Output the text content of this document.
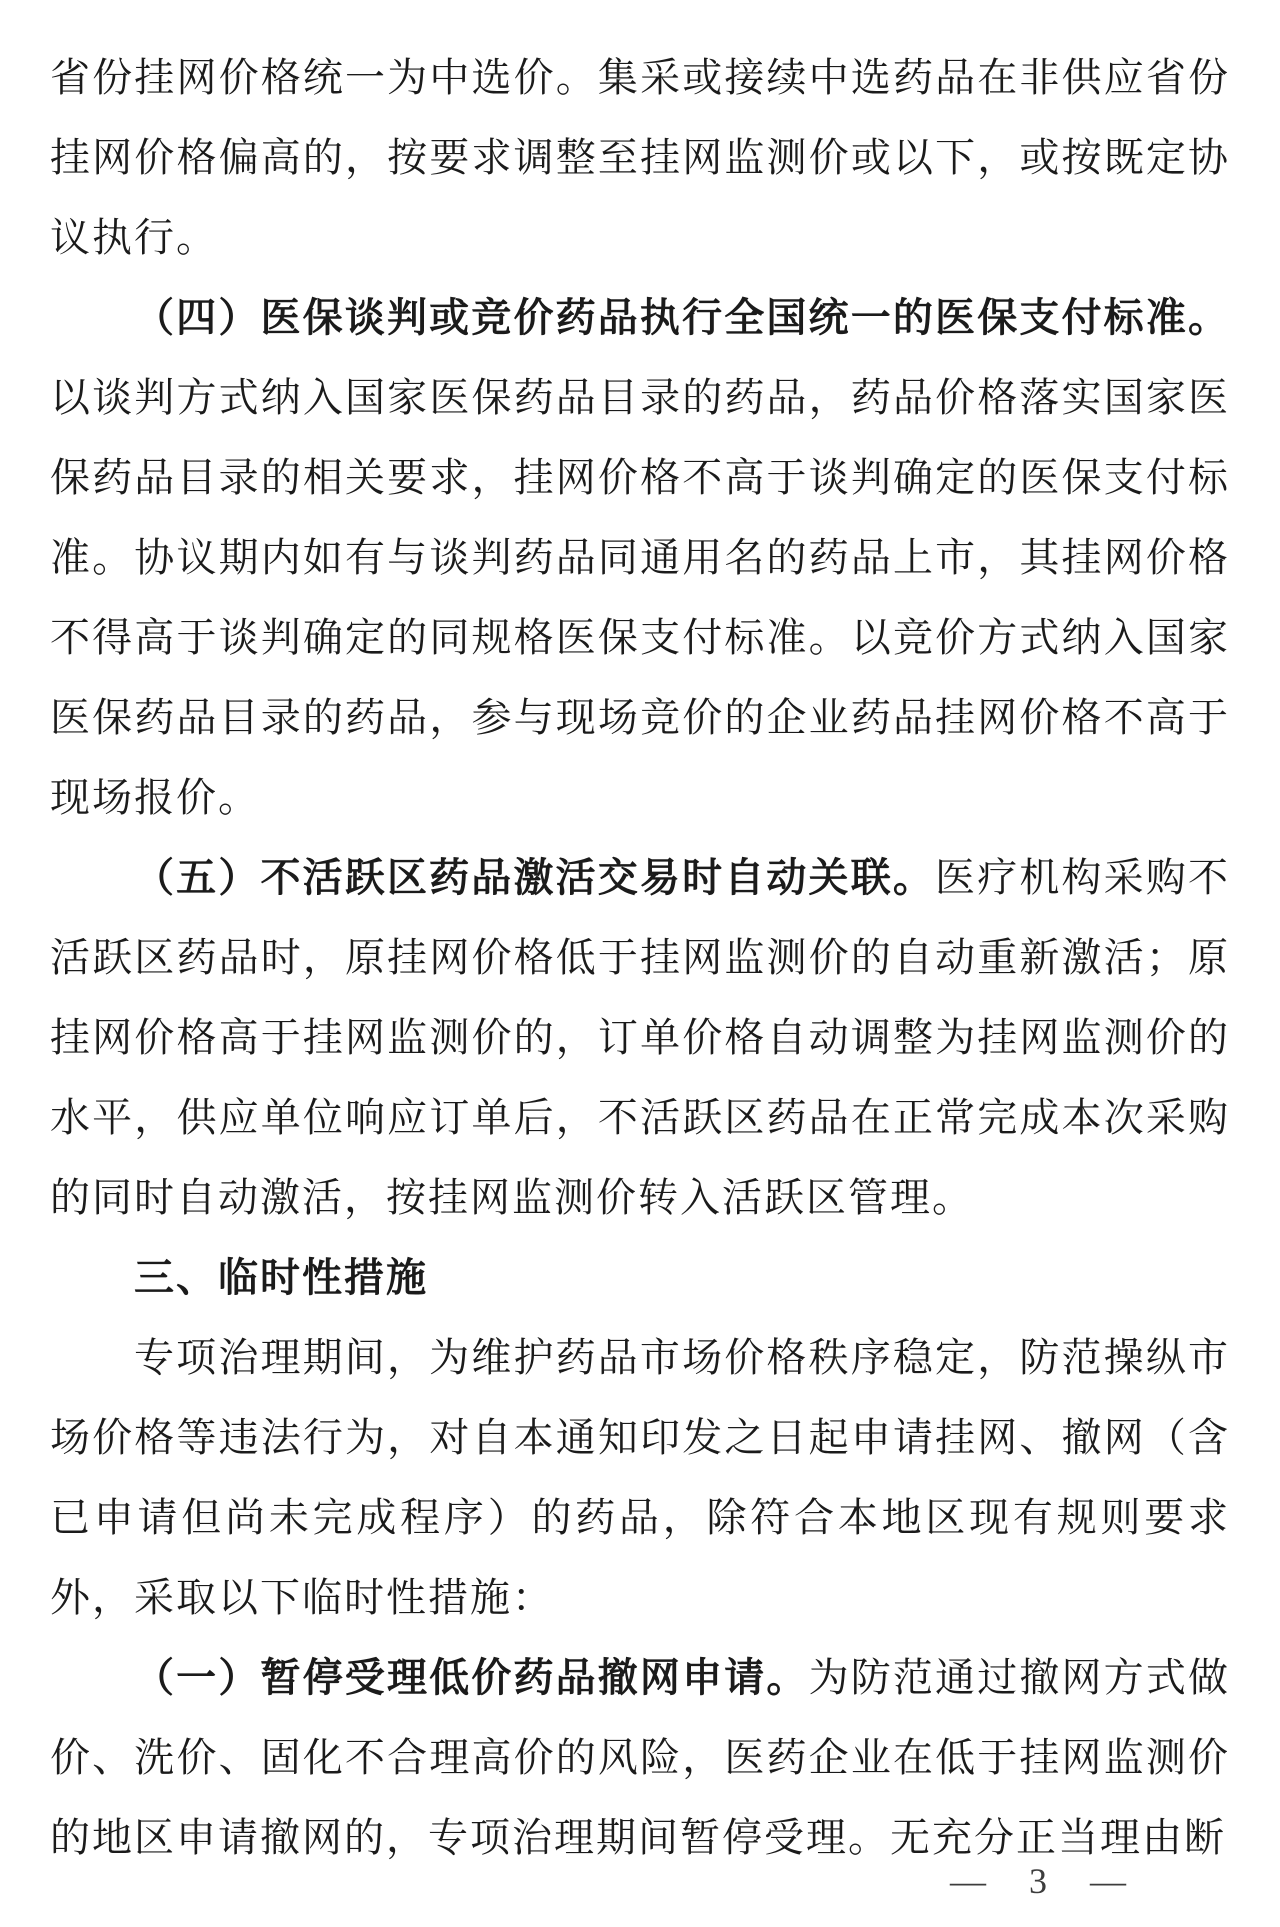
省份挂网价格统一为中选价。集采或接续中选药品在非供应省份挂网价格偏高的，按要求调整至挂网监测价或以下，或按既定协议执行。

（四）医保谈判或竞价药品执行全国统一的医保支付标准。以谈判方式纳入国家医保药品目录的药品，药品价格落实国家医保药品目录的相关要求，挂网价格不高于谈判确定的医保支付标准。协议期内如有与谈判药品同通用名的药品上市，其挂网价格不得高于谈判确定的同规格医保支付标准。以竞价方式纳入国家医保药品目录的药品，参与现场竞价的企业药品挂网价格不高于现场报价。

（五）不活跃区药品激活交易时自动关联。医疗机构采购不活跃区药品时，原挂网价格低于挂网监测价的自动重新激活；原挂网价格高于挂网监测价的，订单价格自动调整为挂网监测价的水平，供应单位响应订单后，不活跃区药品在正常完成本次采购的同时自动激活，按挂网监测价转入活跃区管理。

三、临时性措施

专项治理期间，为维护药品市场价格秩序稳定，防范操纵市场价格等违法行为，对自本通知印发之日起申请挂网、撤网（含已申请但尚未完成程序）的药品，除符合本地区现有规则要求外，采取以下临时性措施：

（一）暂停受理低价药品撤网申请。为防范通过撤网方式做价、洗价、固化不合理高价的风险，医药企业在低于挂网监测价的地区申请撤网的，专项治理期间暂停受理。无充分正当理由断

— 3 —
